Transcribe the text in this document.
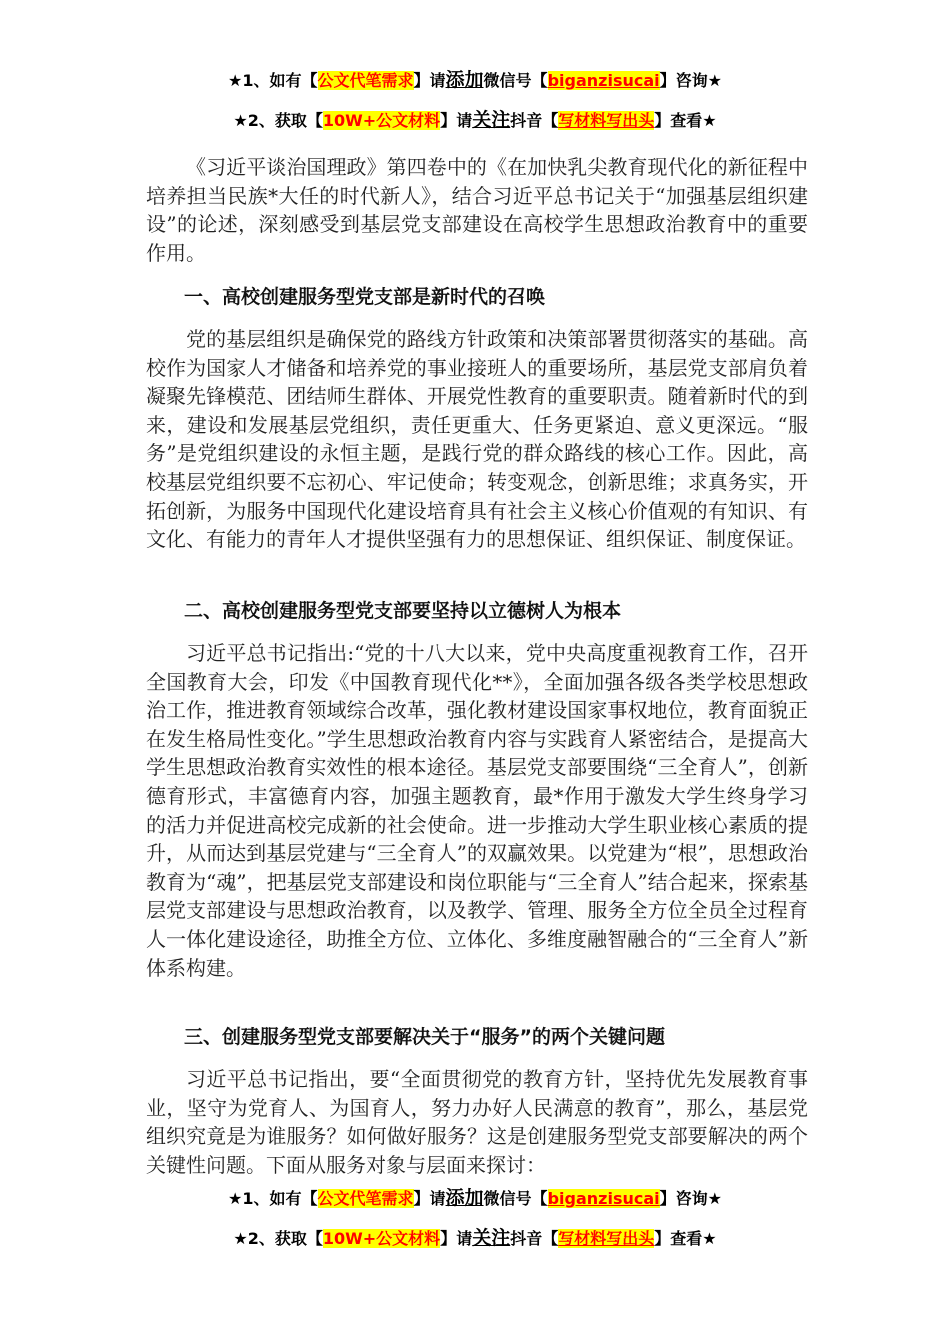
★1、如有【公文代笔需求】请添加微信号【biganzisucai】咨询★
★2、获取【10W+公文材料】请关注抖音【写材料写出头】查看★

《习近平谈治国理政》第四卷中的《在加快乳尖教育现代化的新征程中培养担当民族*大任的时代新人》，结合习近平总书记关于“加强基层组织建设”的论述，深刻感受到基层党支部建设在高校学生思想政治教育中的重要作用。

一、高校创建服务型党支部是新时代的召唤

党的基层组织是确保党的路线方针政策和决策部署贯彻落实的基础。高校作为国家人才储备和培养党的事业接班人的重要场所，基层党支部肩负着凝聚先锋模范、团结师生群体、开展党性教育的重要职责。随着新时代的到来，建设和发展基层党组织，责任更重大、任务更紧迫、意义更深远。“服务”是党组织建设的永恒主题，是践行党的群众路线的核心工作。因此，高校基层党组织要不忘初心、牢记使命；转变观念，创新思维；求真务实，开拓创新，为服务中国现代化建设培育具有社会主义核心价值观的有知识、有文化、有能力的青年人才提供坚强有力的思想保证、组织保证、制度保证。

二、高校创建服务型党支部要坚持以立德树人为根本

习近平总书记指出:“党的十八大以来，党中央高度重视教育工作，召开全国教育大会，印发《中国教育现代化**》，全面加强各级各类学校思想政治工作，推进教育领域综合改革，强化教材建设国家事权地位，教育面貌正在发生格局性变化。”学生思想政治教育内容与实践育人紧密结合，是提高大学生思想政治教育实效性的根本途径。基层党支部要围绕“三全育人”，创新德育形式，丰富德育内容，加强主题教育，最*作用于激发大学生终身学习的活力并促进高校完成新的社会使命。进一步推动大学生职业核心素质的提升，从而达到基层党建与“三全育人”的双赢效果。以党建为“根”，思想政治教育为“魂”，把基层党支部建设和岗位职能与“三全育人”结合起来，探索基层党支部建设与思想政治教育，以及教学、管理、服务全方位全员全过程育人一体化建设途径，助推全方位、立体化、多维度融智融合的“三全育人”新体系构建。

三、创建服务型党支部要解决关于“服务”的两个关键问题

习近平总书记指出，要“全面贯彻党的教育方针，坚持优先发展教育事业，坚守为党育人、为国育人，努力办好人民满意的教育”，那么，基层党组织究竟是为谁服务？如何做好服务？这是创建服务型党支部要解决的两个关键性问题。下面从服务对象与层面来探讨：

★1、如有【公文代笔需求】请添加微信号【biganzisucai】咨询★
★2、获取【10W+公文材料】请关注抖音【写材料写出头】查看★
